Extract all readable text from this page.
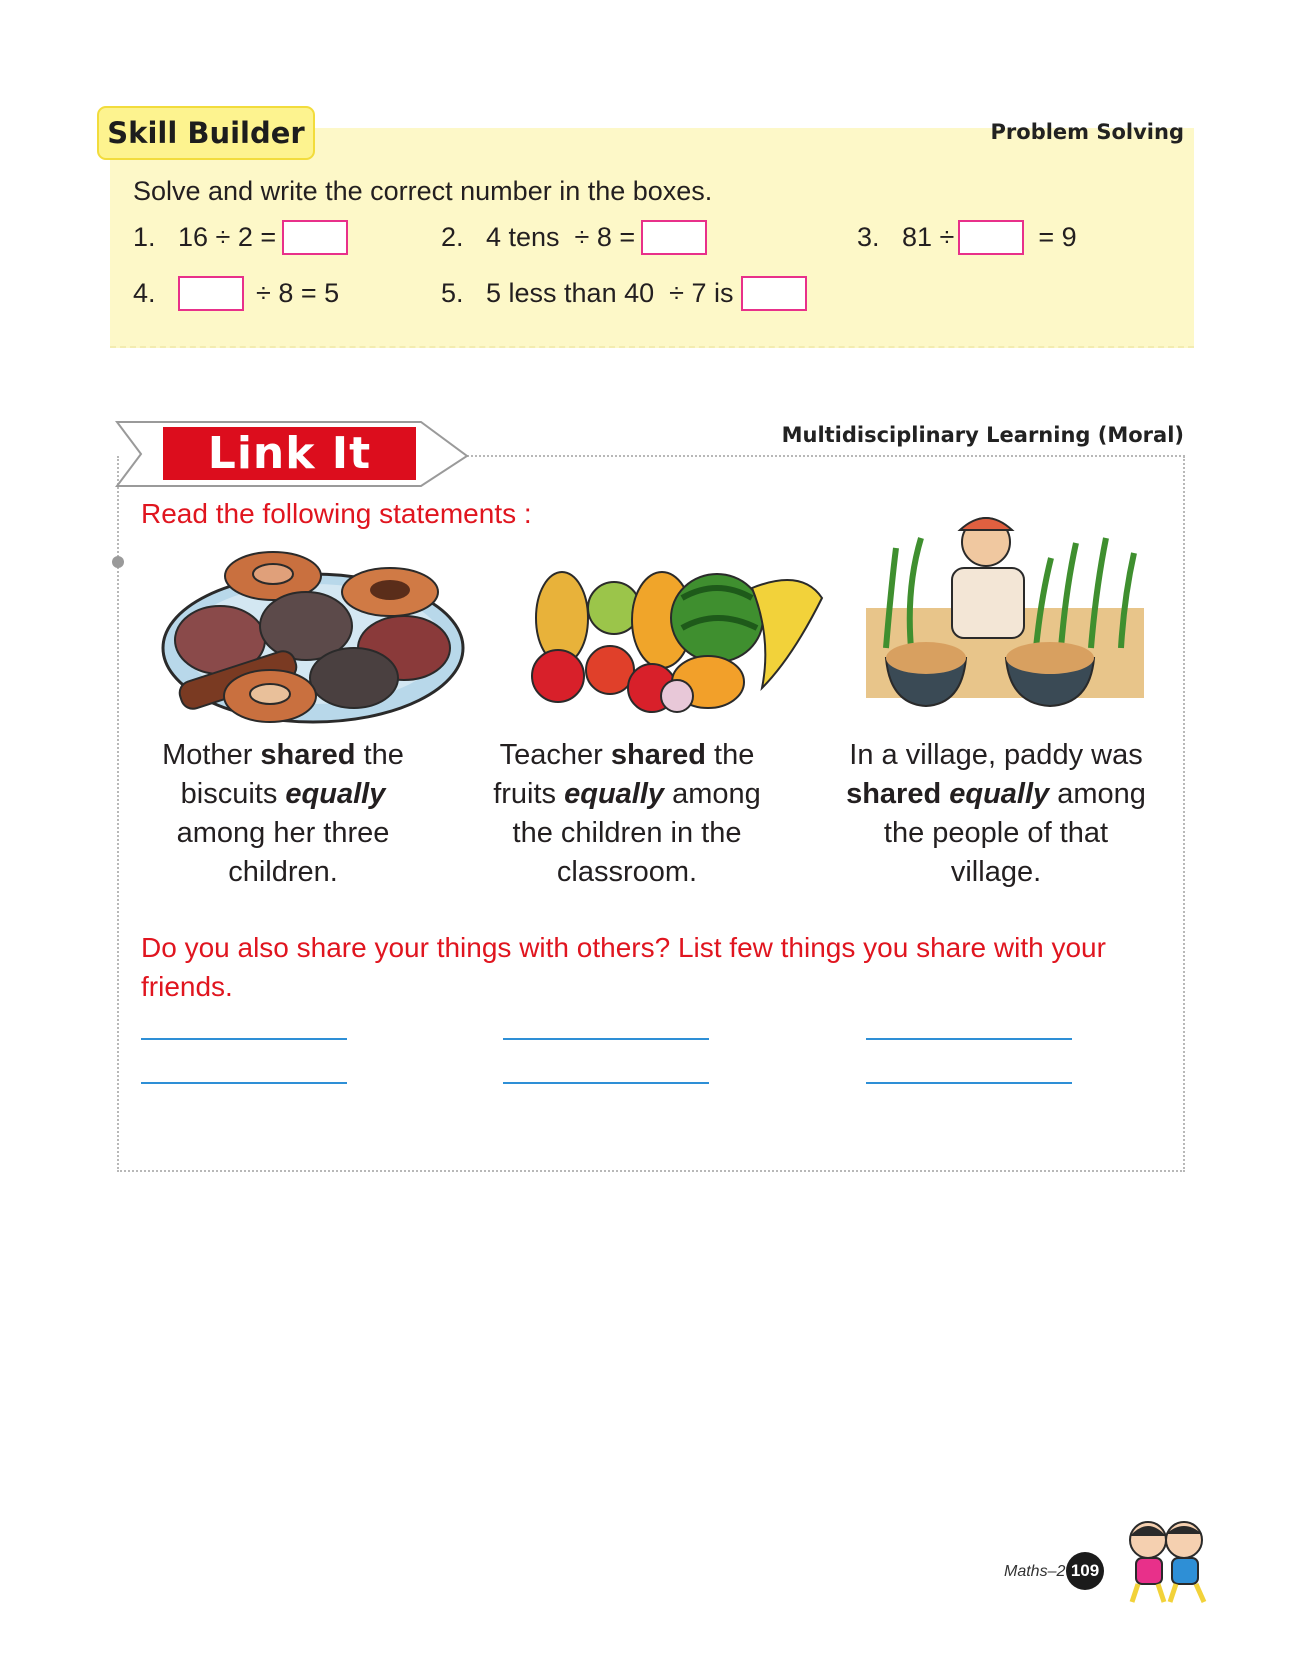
Skill Builder	Problem Solving
Solve and write the correct number in the boxes.
1. 16 ÷ 2 =	2. 4 tens  ÷ 8 =	3. 81 ÷	= 9
4.	÷ 8 = 5	5. 5 less than 40  ÷ 7 is
Link It	Multidisciplinary Learning (Moral)
Read the following statements :
Mother shared the biscuits equally among her three children.
Teacher shared the fruits equally among the children in the classroom.
In a village, paddy was shared equally among the people of that village.
Do you also share your things with others? List few things you share with your friends.
Maths–2 109
